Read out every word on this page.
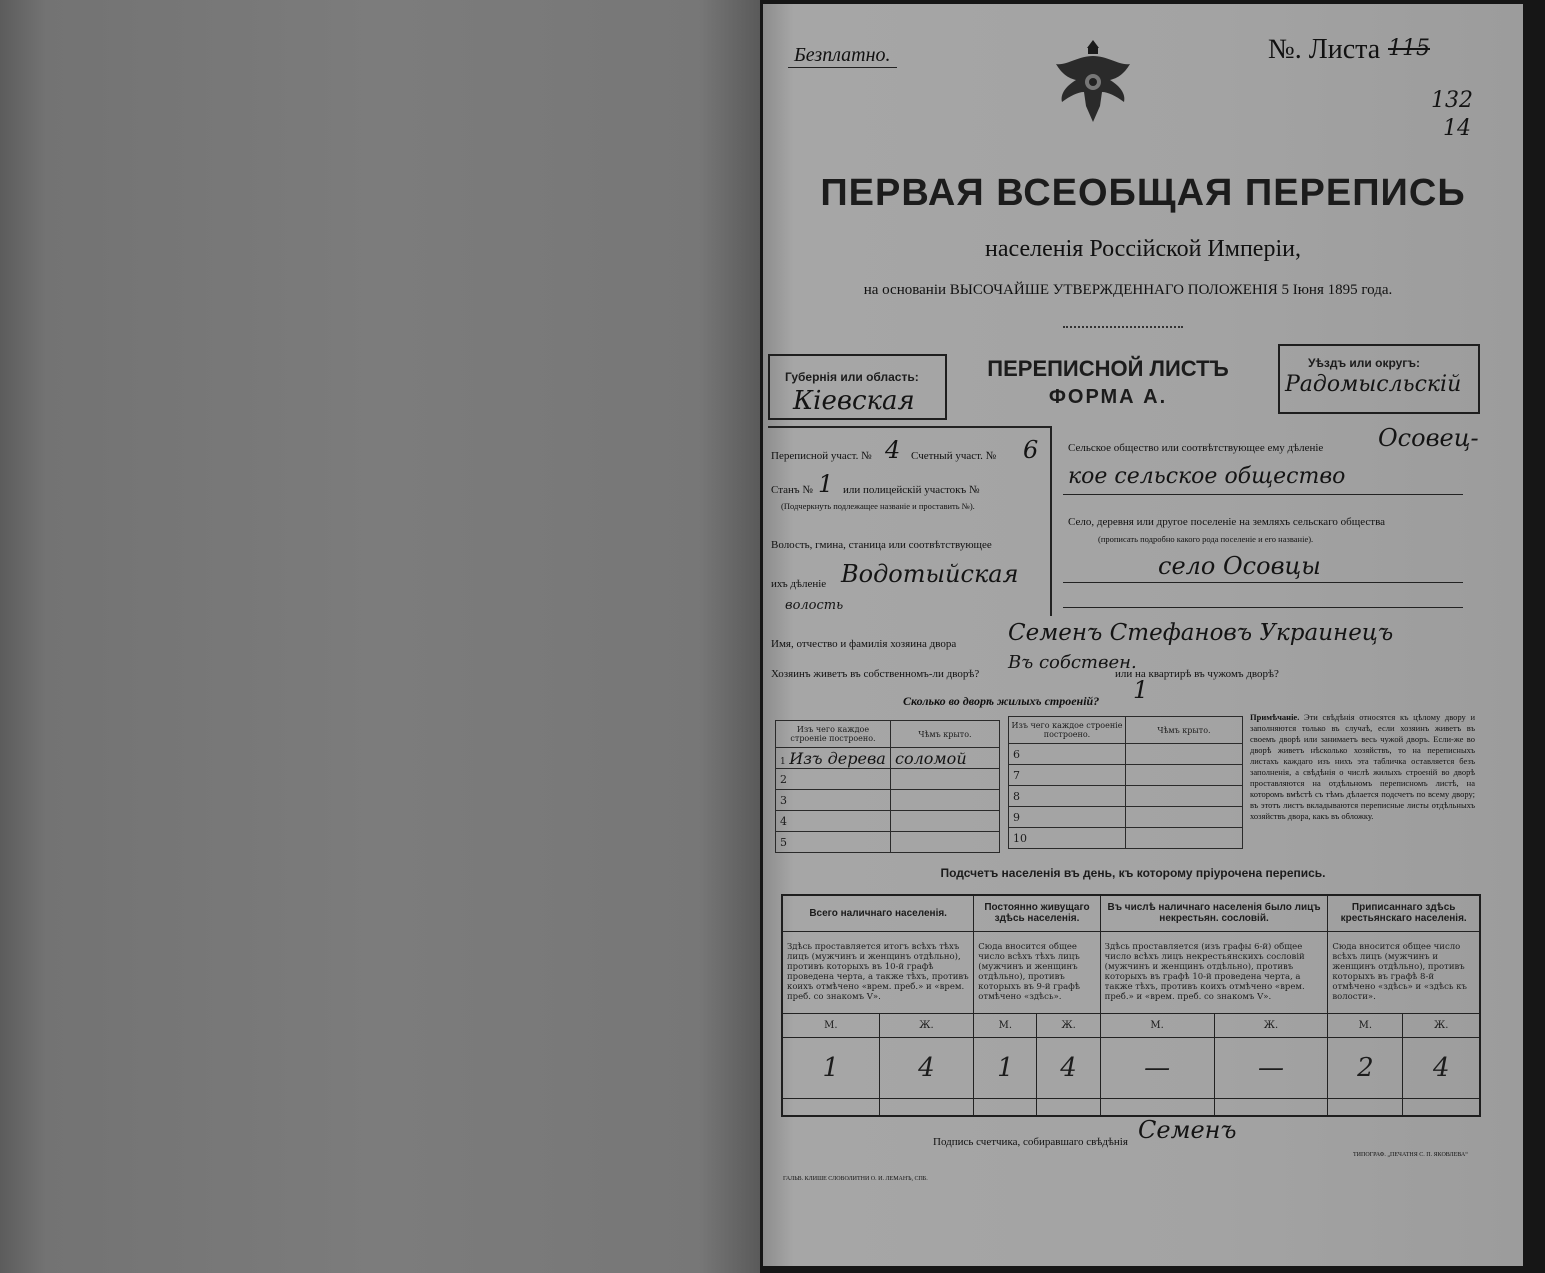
Безплатно.	№. Листа 115
132
14
ПЕРВАЯ ВСЕОБЩАЯ ПЕРЕПИСЬ
населенія Россійской Имперіи,
на основаніи ВЫСОЧАЙШЕ УТВЕРЖДЕННАГО ПОЛОЖЕНІЯ 5 Іюня 1895 года.
Губернія или область:
Кіевская
ПЕРЕПИСНОЙ ЛИСТЪ
ФОРМА А.
Уѣздъ или округъ:
Радомысльскій
Переписной участ. № 4 Счетный участ. № 6
Станъ № 1 или полицейскій участокъ №
(Подчеркнуть подлежащее названіе и проставить №).
Волость, гмина, станица или соотвѣтствующее
ихъ дѣленіе Водотыйская
волость
Сельское общество или соотвѣтствующее ему дѣленіе Осовец-
кое сельское общество
Село, деревня или другое поселеніе на земляхъ сельскаго общества
(прописать подробно какого рода поселеніе и его названіе).
село Осовцы
Имя, отчество и фамилія хозяина двора Семенъ Стефановъ Украинецъ
Хозяинъ живетъ въ собственномъ-ли дворѣ?
Въ собствен.
или на квартирѣ въ чужомъ дворѣ?
Сколько во дворѣ жилыхъ строеній? 1
Изъ чего каждое строеніе построено.	Чѣмъ крыто.
1 Изъ дерева	соломой
2	
3	
4	
5	
Изъ чего каждое строеніе построено.	Чѣмъ крыто.
6	
7	
8	
9	
10	
Примѣчаніе. Эти свѣдѣнія относятся къ цѣлому двору и заполняются только въ случаѣ, если хозяинъ живетъ въ своемъ дворѣ или занимаетъ весь чужой дворъ. Если-же во дворѣ живетъ нѣсколько хозяйствъ, то на переписныхъ листахъ каждаго изъ нихъ эта табличка оставляется безъ заполненія, а свѣдѣнія о числѣ жилыхъ строеній во дворѣ проставляются на отдѣльномъ переписномъ листѣ, на которомъ вмѣстѣ съ тѣмъ дѣлается подсчетъ по всему двору; въ этотъ листъ вкладываются переписные листы отдѣльныхъ хозяйствъ двора, какъ въ обложку.
Подсчетъ населенія въ день, къ которому пріурочена перепись.
Всего наличнаго населенія.		Постоянно живущаго здѣсь населенія.		Въ числѣ наличнаго населенія было лицъ некрестьян. сословій.		Приписаннаго здѣсь крестьянскаго населенія.	
Здѣсь проставляется итогъ всѣхъ тѣхъ лицъ (мужчинъ и женщинъ отдѣльно), противъ которыхъ въ 10-й графѣ проведена черта, а также тѣхъ, противъ коихъ отмѣчено «врем. преб.» и «врем. преб. со знакомъ V».		Сюда вносится общее число всѣхъ тѣхъ лицъ (мужчинъ и женщинъ отдѣльно), противъ которыхъ въ 9-й графѣ отмѣчено «здѣсь».		Здѣсь проставляется (изъ графы 6-й) общее число всѣхъ лицъ некрестьянскихъ сословій (мужчинъ и женщинъ отдѣльно), противъ которыхъ въ графѣ 10-й проведена черта, а также тѣхъ, противъ коихъ отмѣчено «врем. преб.» и «врем. преб. со знакомъ V».		Сюда вносится общее число всѣхъ лицъ (мужчинъ и женщинъ отдѣльно), противъ которыхъ въ графѣ 8-й отмѣчено «здѣсь» и «здѣсь къ волости».	
М.	Ж.	М.	Ж.	М.	Ж.	М.	Ж.
1	4	1	4	—	—	2	4

Подпись счетчика, собиравшаго свѣдѣнія Семенъ
ГАЛЬВ. КЛИШЕ СЛОВОЛИТНИ О. И. ЛЕМАНЪ, СПБ.
ТИПОГРАФ. „ПЕЧАТНЯ С. П. ЯКОВЛЕВА“
